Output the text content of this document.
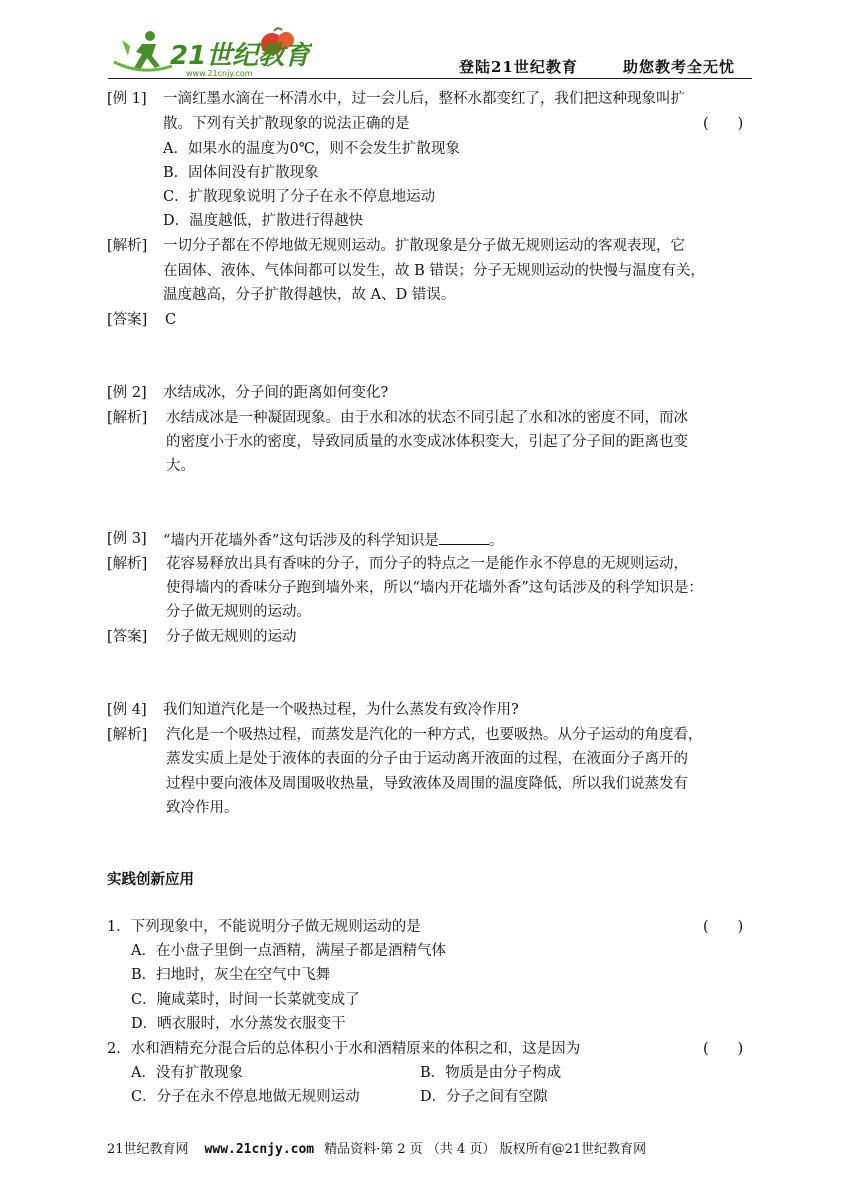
21世纪教育
www.21cnjy.com	登陆21世纪教育	助您教考全无忧
[例 1] 一滴红墨水滴在一杯清水中，过一会儿后，整杯水都变红了，我们把这种现象叫扩
散。下列有关扩散现象的说法正确的是	(　　)
A．如果水的温度为0℃，则不会发生扩散现象
B．固体间没有扩散现象
C．扩散现象说明了分子在永不停息地运动
D．温度越低，扩散进行得越快
[解析] 一切分子都在不停地做无规则运动。扩散现象是分子做无规则运动的客观表现，它
在固体、液体、气体间都可以发生，故 B 错误；分子无规则运动的快慢与温度有关，
温度越高，分子扩散得越快，故 A、D 错误。
[答案] C
[例 2] 水结成冰，分子间的距离如何变化?
[解析] 水结成冰是一种凝固现象。由于水和冰的状态不同引起了水和冰的密度不同，而冰
的密度小于水的密度，导致同质量的水变成冰体积变大，引起了分子间的距离也变
大。
[例 3] “墙内开花墙外香”这句话涉及的科学知识是	。
[解析] 花容易释放出具有香味的分子，而分子的特点之一是能作永不停息的无规则运动，
使得墙内的香味分子跑到墙外来，所以“墙内开花墙外香”这句话涉及的科学知识是：
分子做无规则的运动。
[答案] 分子做无规则的运动
[例 4] 我们知道汽化是一个吸热过程，为什么蒸发有致冷作用?
[解析] 汽化是一个吸热过程，而蒸发是汽化的一种方式，也要吸热。从分子运动的角度看，
蒸发实质上是处于液体的表面的分子由于运动离开液面的过程，在液面分子离开的
过程中要向液体及周围吸收热量，导致液体及周围的温度降低，所以我们说蒸发有
致冷作用。
实践创新应用
1．下列现象中，不能说明分子做无规则运动的是	(　　)
A．在小盘子里倒一点酒精，满屋子都是酒精气体
B．扫地时，灰尘在空气中飞舞
C．腌咸菜时，时间一长菜就变成了
D．晒衣服时，水分蒸发衣服变干
2．水和酒精充分混合后的总体积小于水和酒精原来的体积之和，这是因为	(　　)
A．没有扩散现象	B．物质是由分子构成
C．分子在永不停息地做无规则运动	D．分子之间有空隙
21世纪教育网 www.21cnjy.com 精品资料·第 2 页 （共 4 页） 版权所有@21世纪教育网
